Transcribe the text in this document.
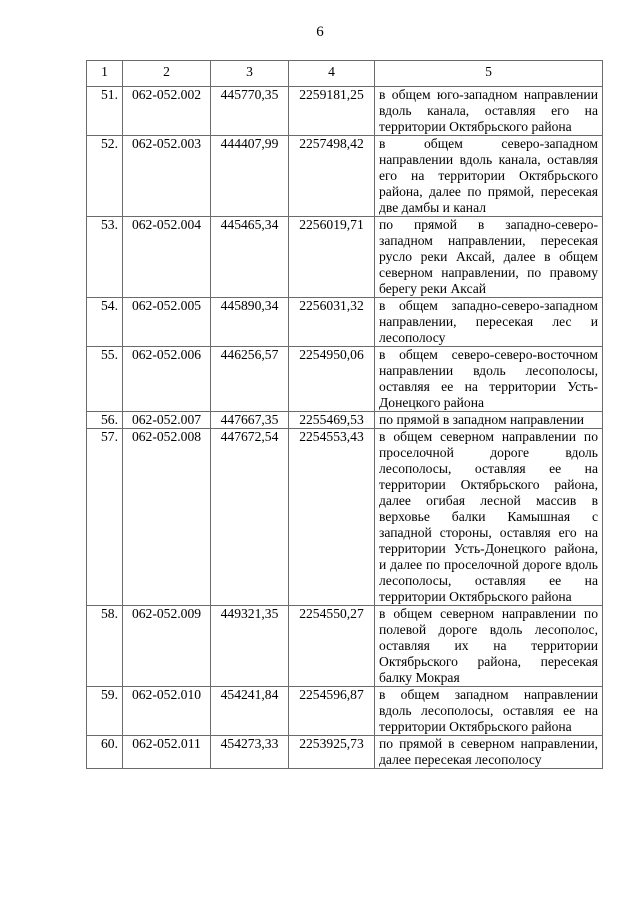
6
1	2	3	4	5
51.	062-052.002	445770,35	2259181,25	в общем юго-западном направлении вдоль канала, оставляя его на территории Октябрьского района
52.	062-052.003	444407,99	2257498,42	в общем северо-западном направлении вдоль канала, оставляя его на территории Октябрьского района, далее по прямой, пересекая две дамбы и канал
53.	062-052.004	445465,34	2256019,71	по прямой в западно-северо-западном направлении, пересекая русло реки Аксай, далее в общем северном направлении, по правому берегу реки Аксай
54.	062-052.005	445890,34	2256031,32	в общем западно-северо-западном направлении, пересекая лес и лесополосу
55.	062-052.006	446256,57	2254950,06	в общем северо-северо-восточном направлении вдоль лесополосы, оставляя ее на территории Усть-Донецкого района
56.	062-052.007	447667,35	2255469,53	по прямой в западном направлении
57.	062-052.008	447672,54	2254553,43	в общем северном направлении по проселочной дороге вдоль лесополосы, оставляя ее на территории Октябрьского района, далее огибая лесной массив в верховье балки Камышная с западной стороны, оставляя его на территории Усть-Донецкого района, и далее по проселочной дороге вдоль лесополосы, оставляя ее на территории Октябрьского района
58.	062-052.009	449321,35	2254550,27	в общем северном направлении по полевой дороге вдоль лесополос, оставляя их на территории Октябрьского района, пересекая балку Мокрая
59.	062-052.010	454241,84	2254596,87	в общем западном направлении вдоль лесополосы, оставляя ее на территории Октябрьского района
60.	062-052.011	454273,33	2253925,73	по прямой в северном направлении, далее пересекая лесополосу
